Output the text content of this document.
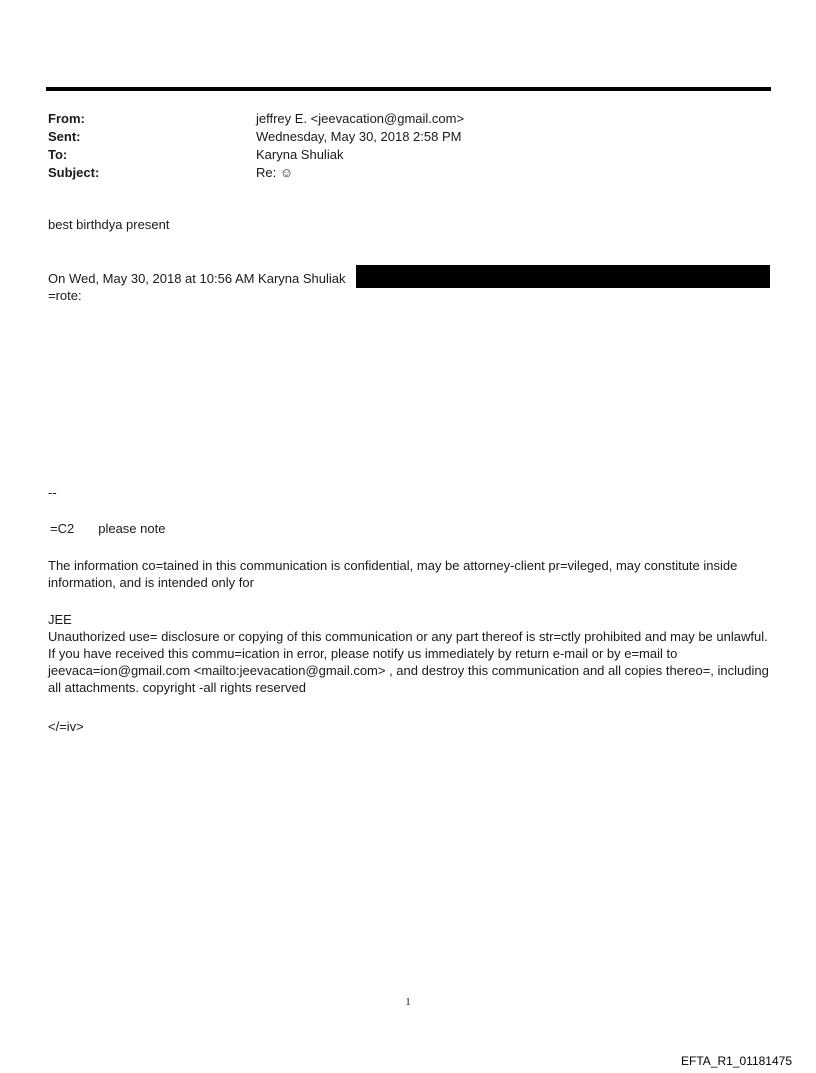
From:	jeffrey E. <jeevacation@gmail.com>
Sent:	Wednesday, May 30, 2018 2:58 PM
To:	Karyna Shuliak
Subject:	Re: ☺
best birthdya present
On Wed, May 30, 2018 at 10:56 AM Karyna Shuliak
=rote:
--
=C2 please note
The information co=tained in this communication is confidential, may be attorney-client pr=vileged, may constitute inside information, and is intended only for
JEE
Unauthorized use= disclosure or copying of this communication or any part thereof is str=ctly prohibited and may be unlawful. If you have received this commu=ication in error, please notify us immediately by return e-mail or by e=mail to jeevaca=ion@gmail.com <mailto:jeevacation@gmail.com> , and destroy this communication and all copies thereo=, including all attachments. copyright -all rights reserved
</=iv>
1
EFTA_R1_01181475
